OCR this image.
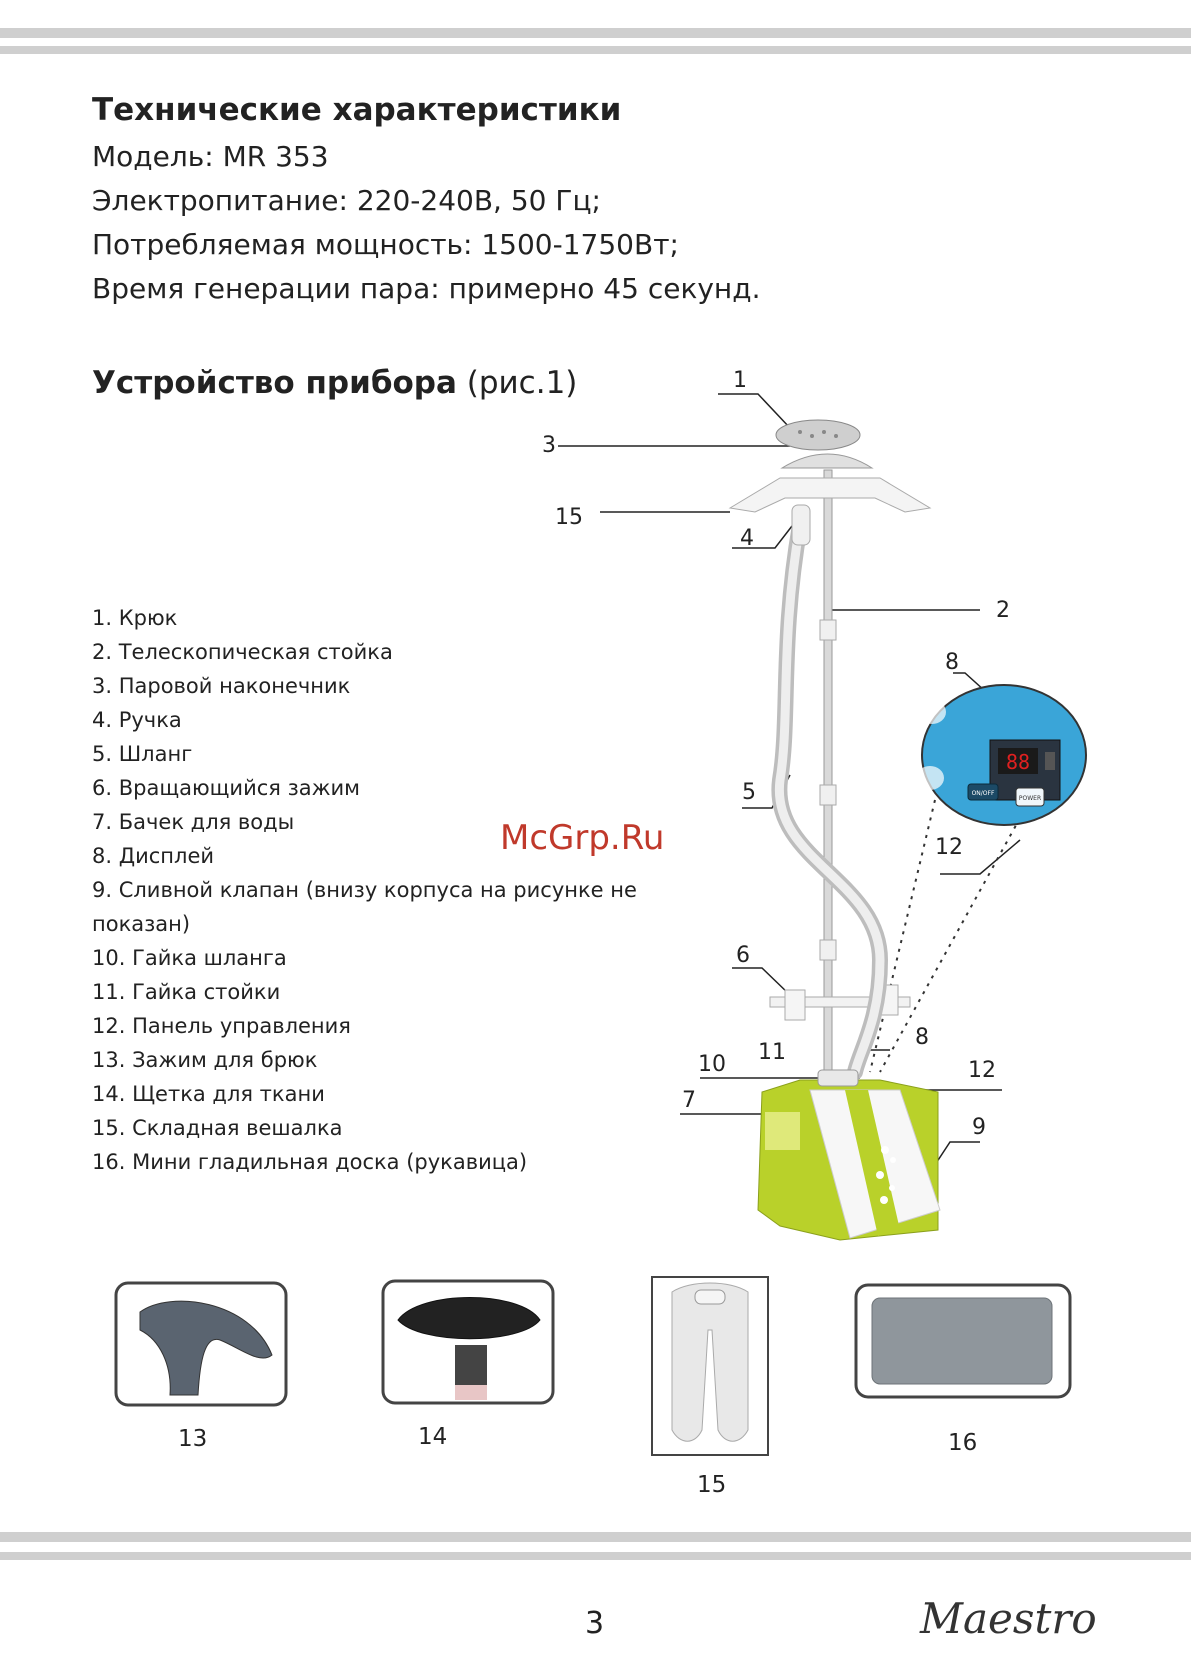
Технические характеристики
Модель: MR 353
Электропитание: 220-240В, 50 Гц;
Потребляемая мощность: 1500-1750Вт;
Время генерации пара: примерно 45 секунд.
Устройство прибора (рис.1)
1. Крюк
2. Телескопическая стойка
3. Паровой наконечник
4. Ручка
5. Шланг
6. Вращающийся зажим
7. Бачек для воды
8. Дисплей
9. Сливной клапан (внизу корпуса на рисунке не показан)
10. Гайка шланга
11. Гайка стойки
12. Панель управления
13. Зажим для брюк
14. Щетка для ткани
15. Складная вешалка
16. Мини гладильная доска (рукавица)
88
ON/OFF
POWER
1
3
15
4
2
8
5
12
6
11
10
8
12
7
9
McGrp.Ru
13	14
15
16
3	Maestro
